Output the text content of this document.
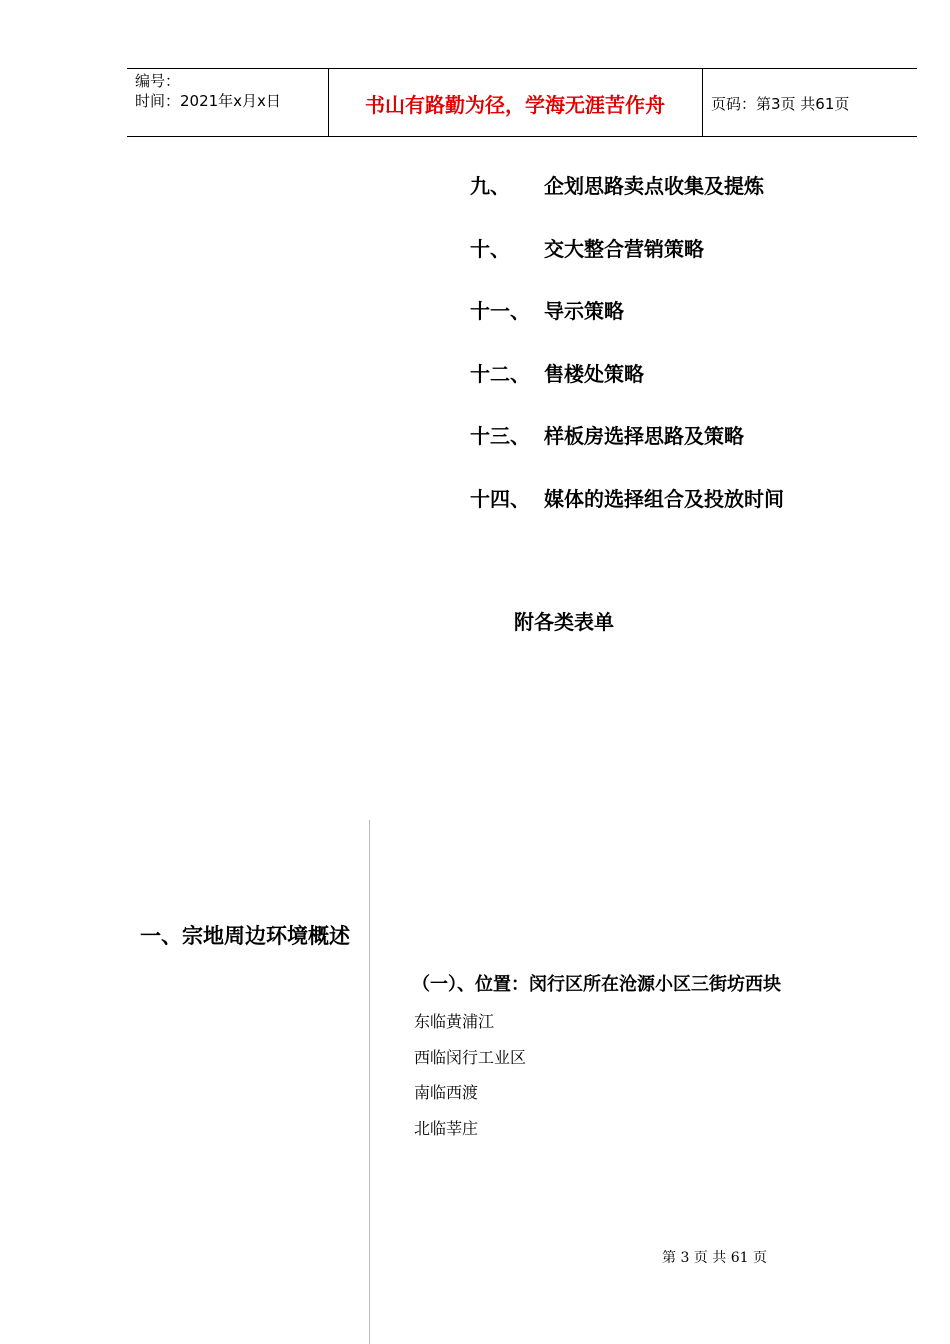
编号：
时间：2021年x月x日	书山有路勤为径，学海无涯苦作舟	页码：第3页 共61页
九、	企划思路卖点收集及提炼
十、	交大整合营销策略
十一、 导示策略
十二、 售楼处策略
十三、 样板房选择思路及策略
十四、 媒体的选择组合及投放时间
附各类表单
一、宗地周边环境概述
（一）、位置：闵行区所在沧源小区三街坊西块
东临黄浦江
西临闵行工业区
南临西渡
北临莘庄
第 3 页 共 61 页
